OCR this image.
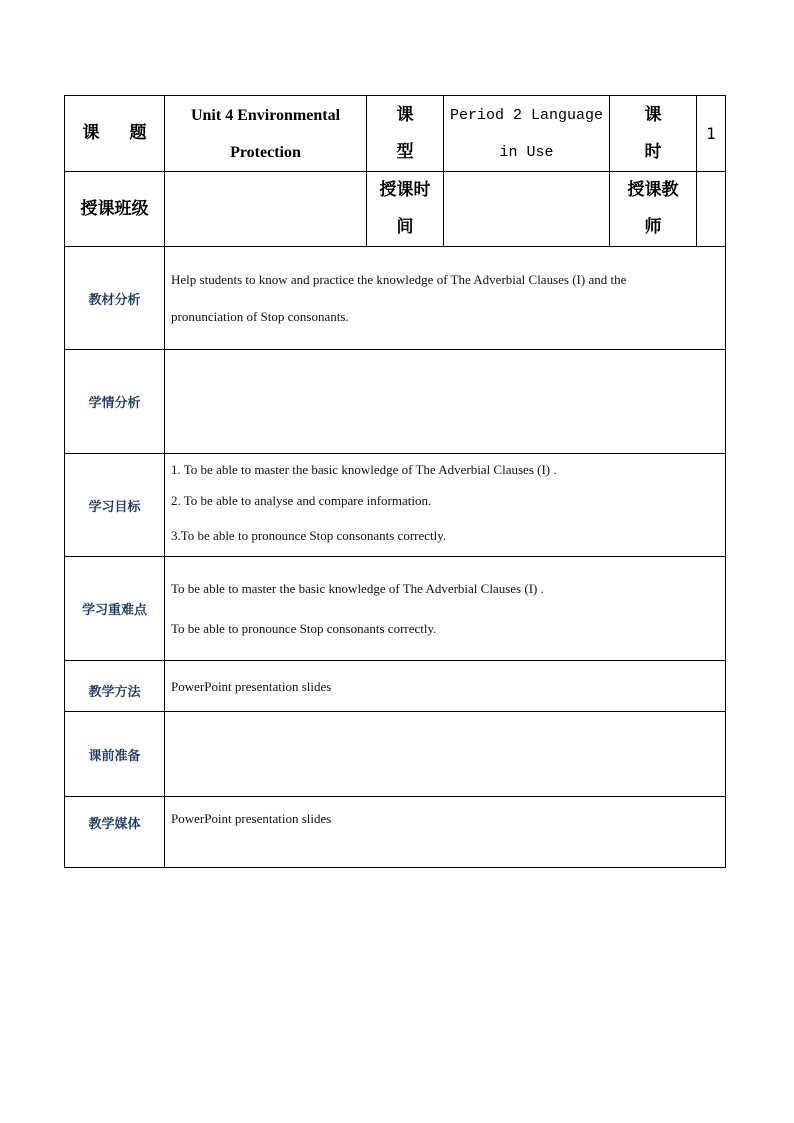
课 题	Unit 4 Environmental Protection	课 型	Period 2 Language in Use	课 时	1
授课班级		授课时间		授课教师	
教材分析	Help students to know and practice the knowledge of The Adverbial Clauses (I) and the

pronunciation of Stop consonants.				

学情分析					
学习目标	1. To be able to master the basic knowledge of The Adverbial Clauses (I) .

2. To be able to analyse and compare information.

3.To be able to pronounce Stop consonants correctly.				

学习重难点	To be able to master the basic knowledge of The Adverbial Clauses (I) .

To be able to pronounce Stop consonants correctly.				

教学方法	PowerPoint presentation slides				

课前准备					
教学媒体	PowerPoint presentation slides				
